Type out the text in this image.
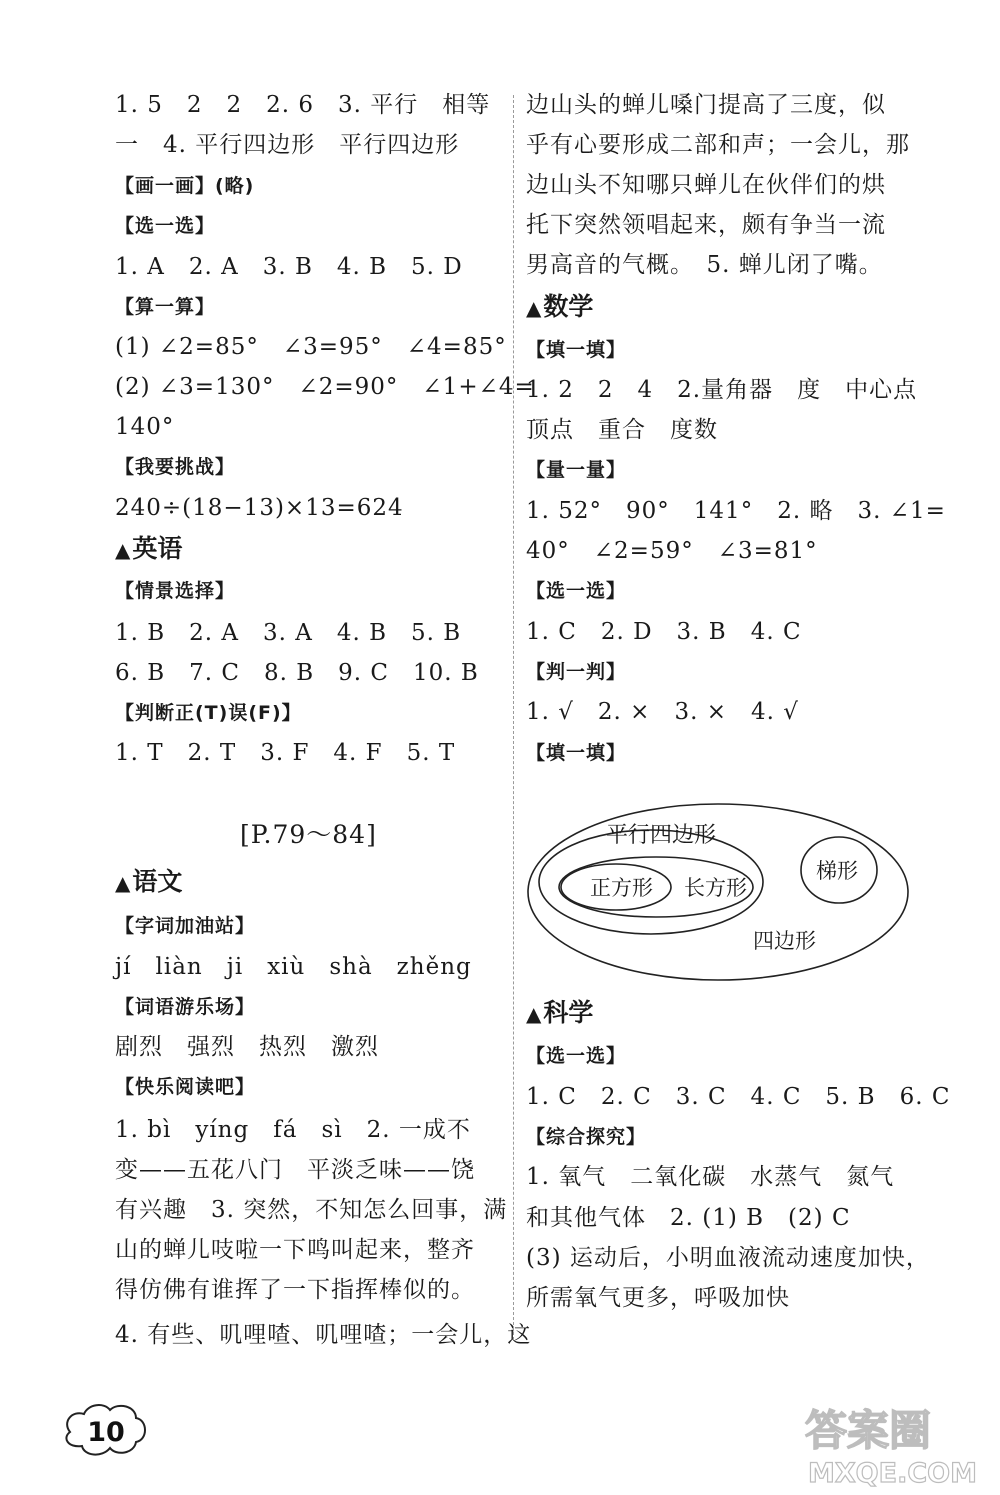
1. 5　2　2　2. 6　3. 平行　相等
一　4. 平行四边形　平行四边形
【画一画】(略)
【选一选】
1. A　2. A　3. B　4. B　5. D
【算一算】
(1) ∠2=85°　∠3=95°　∠4=85°
(2) ∠3=130°　∠2=90°　∠1+∠4=
140°
【我要挑战】
240÷(18−13)×13=624
▲英语
【情景选择】
1. B　2. A　3. A　4. B　5. B
6. B　7. C　8. B　9. C　10. B
【判断正(T)误(F)】
1. T　2. T　3. F　4. F　5. T
[P.79～84]
▲语文
【字词加油站】
jí　liàn　ji　xiù　shà　zhěng
【词语游乐场】
剧烈　强烈　热烈　激烈
【快乐阅读吧】
1. bì　yíng　fá　sì　2. 一成不
变——五花八门　平淡乏味——饶
有兴趣　3. 突然，不知怎么回事，满
山的蝉儿吱啦一下鸣叫起来，整齐
得仿佛有谁挥了一下指挥棒似的。
4. 有些、叽哩喳、叽哩喳；一会儿，这
边山头的蝉儿嗓门提高了三度，似
乎有心要形成二部和声；一会儿，那
边山头不知哪只蝉儿在伙伴们的烘
托下突然领唱起来，颇有争当一流
男高音的气概。　5. 蝉儿闭了嘴。
▲数学
【填一填】
1. 2　2　4　2.量角器　度　中心点
顶点　重合　度数
【量一量】
1. 52°　90°　141°　2. 略　3. ∠1=
40°　∠2=59°　∠3=81°
【选一选】
1. C　2. D　3. B　4. C
【判一判】
1. √　2. ×　3. ×　4. √
【填一填】
平行四边形
正方形 长方形
梯形
四边形
▲科学
【选一选】
1. C　2. C　3. C　4. C　5. B　6. C
【综合探究】
1. 氧气　二氧化碳　水蒸气　氮气
和其他气体　2. (1) B　(2) C
(3) 运动后，小明血液流动速度加快，
所需氧气更多，呼吸加快
10	答案圈
MXQE.COM
